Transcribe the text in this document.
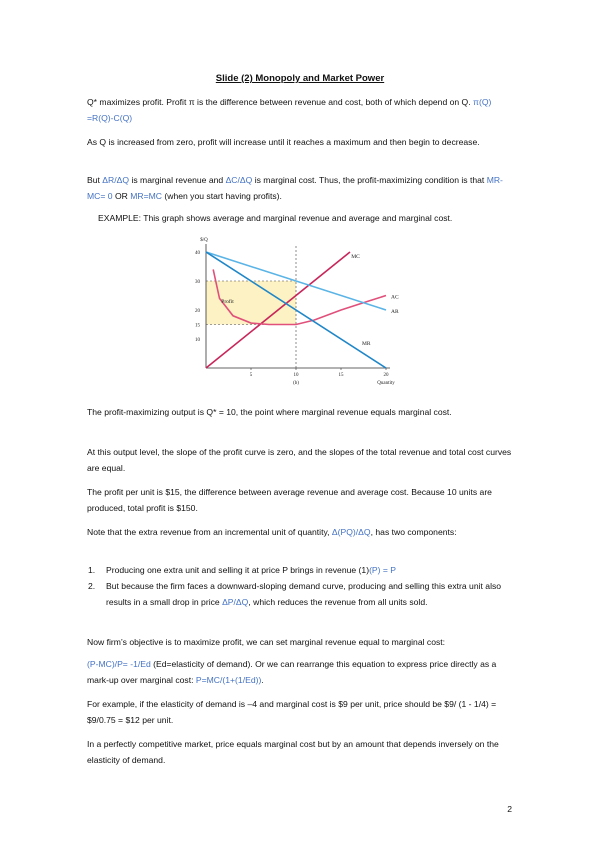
Slide (2) Monopoly and Market Power
Q* maximizes profit. Profit π is the difference between revenue and cost, both of which depend on Q. π(Q) =R(Q)-C(Q)
As Q is increased from zero, profit will increase until it reaches a maximum and then begin to decrease.
But ΔR/ΔQ is marginal revenue and ΔC/ΔQ is marginal cost. Thus, the profit-maximizing condition is that MR-MC= 0 OR MR=MC (when you start having profits).
EXAMPLE: This graph shows average and marginal revenue and average and marginal cost.
MC
AC
AR
MR
Profit
10
15
20
30
40
5	10	15	20
(b)	Quantity
$/Q
The profit-maximizing output is Q* = 10, the point where marginal revenue equals marginal cost.
At this output level, the slope of the profit curve is zero, and the slopes of the total revenue and total cost curves are equal.
The profit per unit is $15, the difference between average revenue and average cost. Because 10 units are produced, total profit is $150.
Note that the extra revenue from an incremental unit of quantity, Δ(PQ)/ΔQ, has two components:
1. Producing one extra unit and selling it at price P brings in revenue (1)(P) = P
2. But because the firm faces a downward-sloping demand curve, producing and selling this extra unit also results in a small drop in price ΔP/ΔQ, which reduces the revenue from all units sold.
Now firm’s objective is to maximize profit, we can set marginal revenue equal to marginal cost:
(P-MC)/P= -1/Ed (Ed=elasticity of demand). Or we can rearrange this equation to express price directly as a mark-up over marginal cost: P=MC/(1+(1/Ed)).
For example, if the elasticity of demand is –4 and marginal cost is $9 per unit, price should be $9/ (1 - 1/4) = $9/0.75 = $12 per unit.
In a perfectly competitive market, price equals marginal cost but by an amount that depends inversely on the elasticity of demand.
2
